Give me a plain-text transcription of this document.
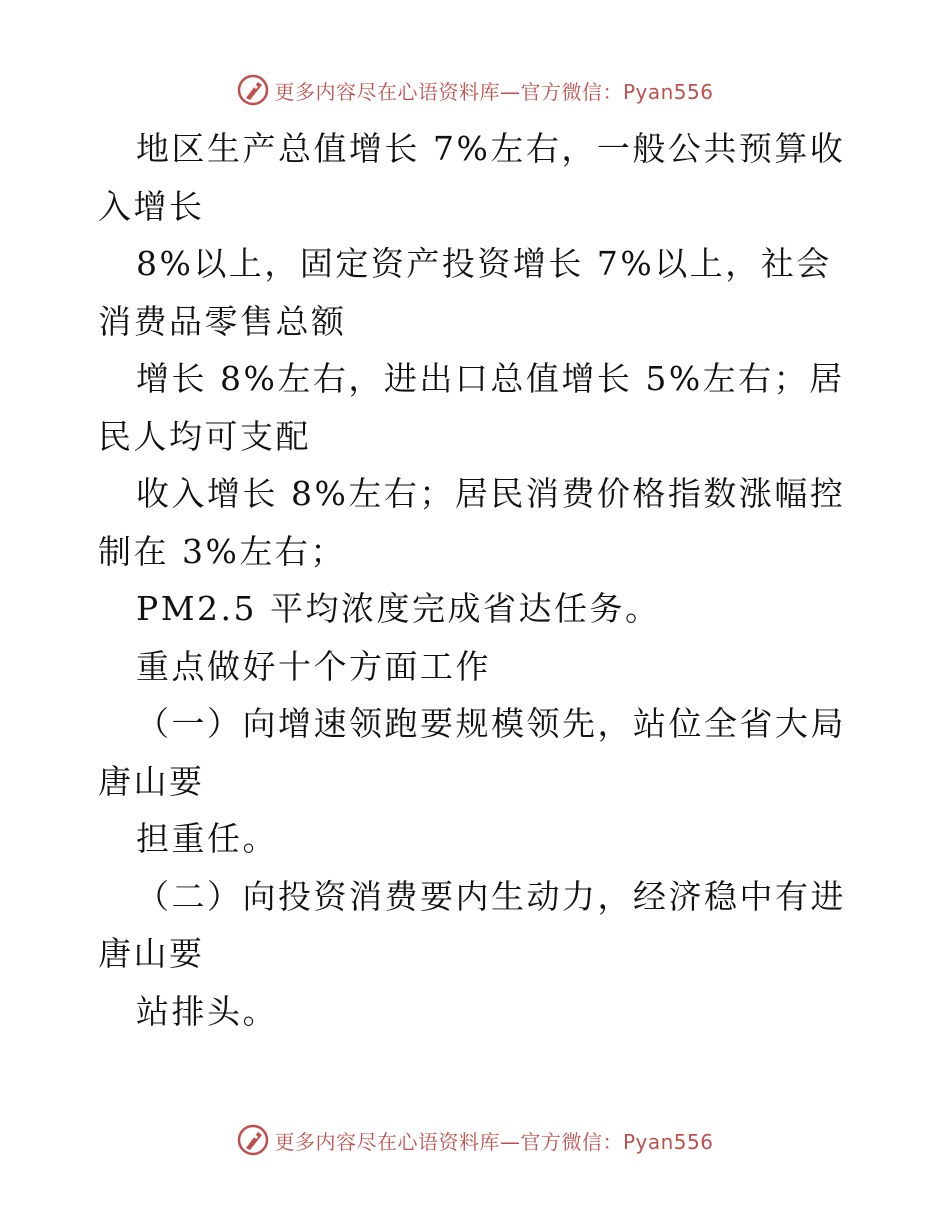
更多内容尽在心语资料库—官方微信：Pyan556
地区生产总值增长 7%左右，一般公共预算收入增长
8%以上，固定资产投资增长 7%以上，社会消费品零售总额
增长 8%左右，进出口总值增长 5%左右；居民人均可支配
收入增长 8%左右；居民消费价格指数涨幅控制在 3%左右；
PM2.5 平均浓度完成省达任务。
重点做好十个方面工作
（一）向增速领跑要规模领先，站位全省大局唐山要
担重任。
（二）向投资消费要内生动力，经济稳中有进唐山要
站排头。
更多内容尽在心语资料库—官方微信：Pyan556
